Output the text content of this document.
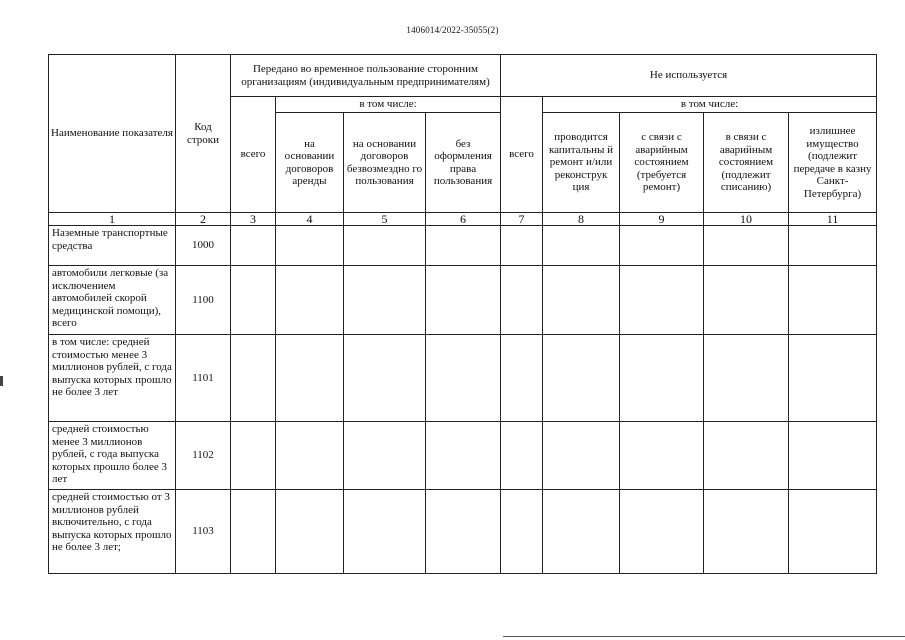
1406014/2022-35055(2)
Наименование показателя	Код строки	Передано во временное пользование сторонним организациям (индивидуальным предпринимателям)				Не используется				
		всего	в том числе:			всего	в том числе:			
			на основании договоров аренды	на основании договоров безвозмездно го пользования	без оформления права пользования		проводится капитальны й ремонт и/или реконструк ция	с связи с аварийным состоянием (требуется ремонт)	в связи с аварийным состоянием (подлежит списанию)	излишнее имущество (подлежит передаче в казну Санкт-Петербурга)
1	2	3	4	5	6	7	8	9	10	11
Наземные транспортные средства	1000									
автомобили легковые (за исключением автомобилей скорой медицинской помощи), всего	1100									
в том числе: средней стоимостью менее 3 миллионов рублей, с года выпуска которых прошло не более 3 лет	1101									
средней стоимостью менее 3 миллионов рублей, с года выпуска которых прошло более 3 лет	1102									
средней стоимостью от 3 миллионов рублей включительно, с года выпуска которых прошло не более 3 лет;	1103									
